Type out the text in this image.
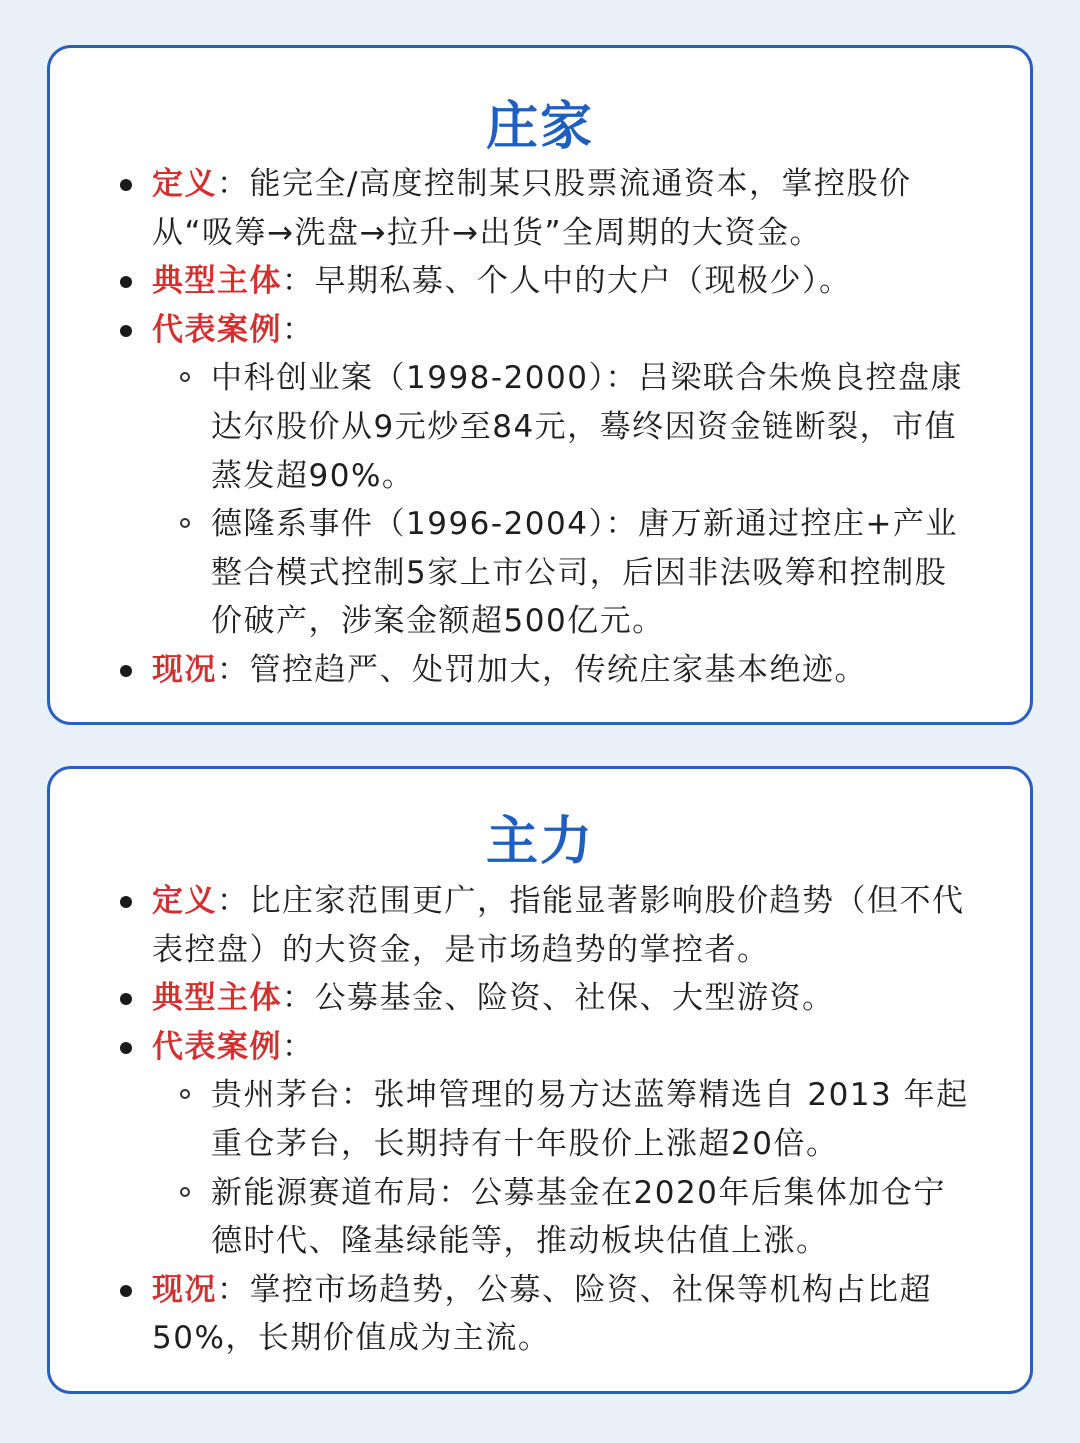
庄家
定义：能完全/高度控制某只股票流通资本，掌控股价从“吸筹→洗盘→拉升→出货”全周期的大资金。
典型主体：早期私募、个人中的大户（现极少）。
代表案例：
中科创业案（1998-2000）：吕梁联合朱焕良控盘康达尔股价从9元炒至84元，蓦终因资金链断裂，市值蒸发超90%。
德隆系事件（1996-2004）：唐万新通过控庄+产业整合模式控制5家上市公司，后因非法吸筹和控制股价破产，涉案金额超500亿元。
现况：管控趋严、处罚加大，传统庄家基本绝迹。
主力
定义：比庄家范围更广，指能显著影响股价趋势（但不代表控盘）的大资金，是市场趋势的掌控者。
典型主体：公募基金、险资、社保、大型游资。
代表案例：
贵州茅台：张坤管理的易方达蓝筹精选自 2013 年起重仓茅台，长期持有十年股价上涨超20倍。
新能源赛道布局：公募基金在2020年后集体加仓宁德时代、隆基绿能等，推动板块估值上涨。
现况：掌控市场趋势，公募、险资、社保等机构占比超50%，长期价值成为主流。
